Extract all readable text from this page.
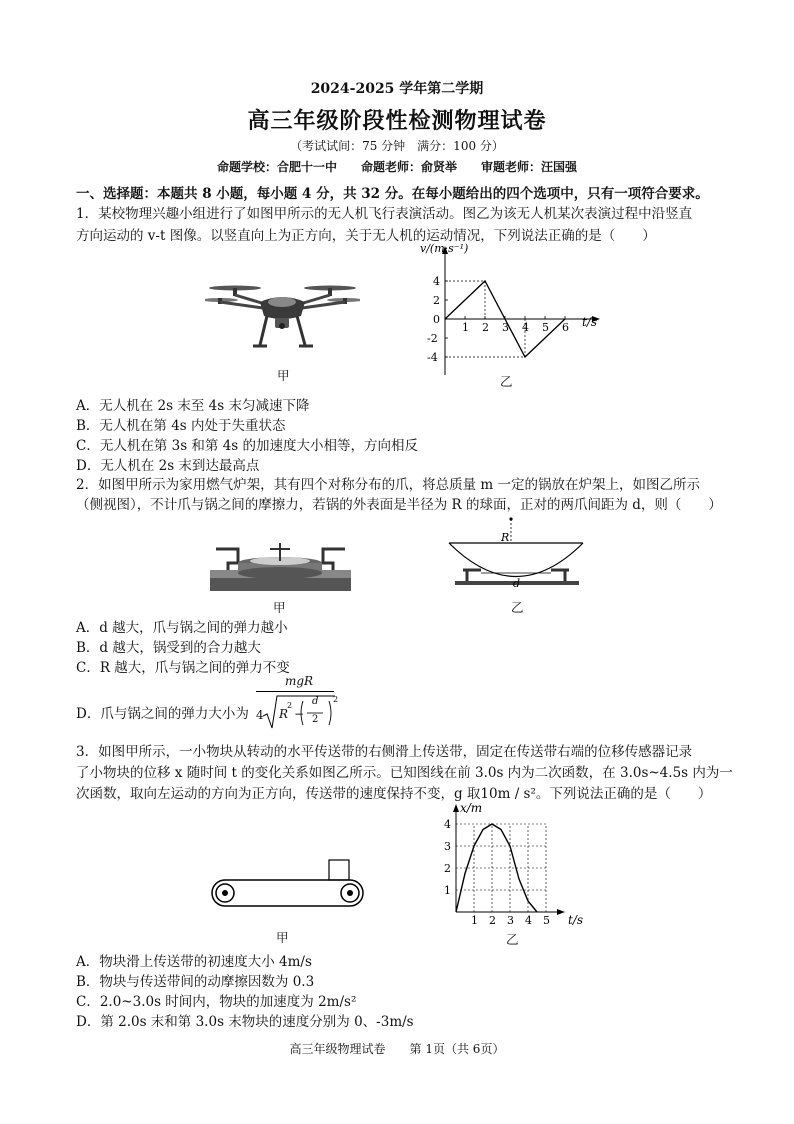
2024-2025 学年第二学期
高三年级阶段性检测物理试卷
（考试试间：75 分钟　满分：100 分）
命题学校：合肥十一中　　命题老师：俞贤举　　审题老师：汪国强
一、选择题：本题共 8 小题，每小题 4 分，共 32 分。在每小题给出的四个选项中，只有一项符合要求。
1．某校物理兴趣小组进行了如图甲所示的无人机飞行表演活动。图乙为该无人机某次表演过程中沿竖直
方向运动的 v-t 图像。以竖直向上为正方向，关于无人机的运动情况，下列说法正确的是（　　）
甲
1 2 3 4 5 6
4
2
0
-2
-4
v/(m·s⁻¹)
t/s
乙
A．无人机在 2s 末至 4s 末匀减速下降
B．无人机在第 4s 内处于失重状态
C．无人机在第 3s 和第 4s 的加速度大小相等，方向相反
D．无人机在 2s 末到达最高点
2．如图甲所示为家用燃气炉架，其有四个对称分布的爪，将总质量 m 一定的锅放在炉架上，如图乙所示
（侧视图），不计爪与锅之间的摩擦力，若锅的外表面是半径为 R 的球面，正对的两爪间距为 d，则（　　）
甲
R
d
乙
A．d 越大，爪与锅之间的弹力越小
B．d 越大，锅受到的合力越大
C．R 越大，爪与锅之间的弹力不变
D．爪与锅之间的弹力大小为
mgR
4 R
2
−
d
2
2
3．如图甲所示，一小物块从转动的水平传送带的右侧滑上传送带，固定在传送带右端的位移传感器记录
了小物块的位移 x 随时间 t 的变化关系如图乙所示。已知图线在前 3.0s 内为二次函数，在 3.0s~4.5s 内为一
次函数，取向左运动的方向为正方向，传送带的速度保持不变，g 取10m / s²。下列说法正确的是（　　）
甲
1 2 3 4 5
4
3
2
1
x/m
t/s
乙
A．物块滑上传送带的初速度大小 4m/s
B．物块与传送带间的动摩擦因数为 0.3
C．2.0~3.0s 时间内，物块的加速度为 2m/s²
D．第 2.0s 末和第 3.0s 末物块的速度分别为 0、-3m/s
高三年级物理试卷　　第 1页（共 6页）
